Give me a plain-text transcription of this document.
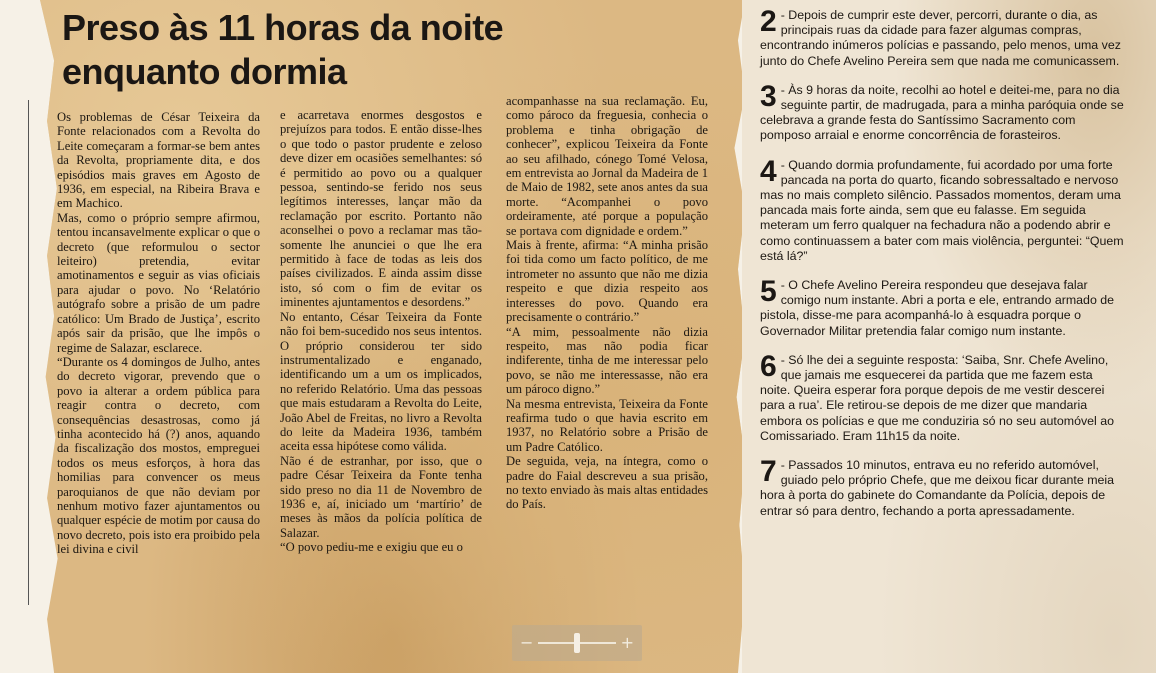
Preso às 11 horas da noite enquanto dormia

Os problemas de César Teixeira da Fonte relacionados com a Revolta do Leite começaram a formar-se bem antes da Revolta, propriamente dita, e dos episódios mais graves em Agosto de 1936, em especial, na Ribeira Brava e em Machico.

Mas, como o próprio sempre afirmou, tentou incansavelmente explicar o que o decreto (que reformulou o sector leiteiro) pretendia, evitar amotinamentos e seguir as vias oficiais para ajudar o povo. No ‘Relatório autógrafo sobre a prisão de um padre católico: Um Brado de Justiça’, escrito após sair da prisão, que lhe impôs o regime de Salazar, esclarece.

“Durante os 4 domingos de Julho, antes do decreto vigorar, prevendo que o povo ia alterar a ordem pública para reagir contra o decreto, com consequências desastrosas, como já tinha acontecido há (?) anos, aquando da fiscalização dos mostos, empreguei todos os meus esforços, à hora das homilias para convencer os meus paroquianos de que não deviam por nenhum motivo fazer ajuntamentos ou qualquer espécie de motim por causa do novo decreto, pois isto era proibido pela lei divina e civil

e acarretava enormes desgostos e prejuízos para todos. E então disse-lhes o que todo o pastor prudente e zeloso deve dizer em ocasiões semelhantes: só é permitido ao povo ou a qualquer pessoa, sentindo-se ferido nos seus legítimos interesses, lançar mão da reclamação por escrito. Portanto não aconselhei o povo a reclamar mas tão-somente lhe anunciei o que lhe era permitido à face de todas as leis dos países civilizados. E ainda assim disse isto, só com o fim de evitar os iminentes ajuntamentos e desordens.”

No entanto, César Teixeira da Fonte não foi bem-sucedido nos seus intentos. O próprio considerou ter sido instrumentalizado e enganado, identificando um a um os implicados, no referido Relatório. Uma das pessoas que mais estudaram a Revolta do Leite, João Abel de Freitas, no livro a Revolta do leite da Madeira 1936, também aceita essa hipótese como válida.

Não é de estranhar, por isso, que o padre César Teixeira da Fonte tenha sido preso no dia 11 de Novembro de 1936 e, aí, iniciado um ‘martírio’ de meses às mãos da polícia política de Salazar.

“O povo pediu-me e exigiu que eu o

acompanhasse na sua reclamação. Eu, como pároco da freguesia, conhecia o problema e tinha obrigação de conhecer”, explicou Teixeira da Fonte ao seu afilhado, cónego Tomé Velosa, em entrevista ao Jornal da Madeira de 1 de Maio de 1982, sete anos antes da sua morte. “Acompanhei o povo ordeiramente, até porque a população se portava com dignidade e ordem.”

Mais à frente, afirma: “A minha prisão foi tida como um facto político, de me intrometer no assunto que não me dizia respeito e que dizia respeito aos interesses do povo. Quando era precisamente o contrário.”

“A mim, pessoalmente não dizia respeito, mas não podia ficar indiferente, tinha de me interessar pelo povo, se não me interessasse, não era um pároco digno.”

Na mesma entrevista, Teixeira da Fonte reafirma tudo o que havia escrito em 1937, no Relatório sobre a Prisão de um Padre Católico.

De seguida, veja, na íntegra, como o padre do Faial descreveu a sua prisão, no texto enviado às mais altas entidades do País.

2 - Depois de cumprir este dever, percorri, durante o dia, as principais ruas da cidade para fazer algumas compras, encontrando inúmeros polícias e passando, pelo menos, uma vez junto do Chefe Avelino Pereira sem que nada me comunicassem.

3 - Às 9 horas da noite, recolhi ao hotel e deitei-me, para no dia seguinte partir, de madrugada, para a minha paróquia onde se celebrava a grande festa do Santíssimo Sacramento com pomposo arraial e enorme concorrência de forasteiros.

4 - Quando dormia profundamente, fui acordado por uma forte pancada na porta do quarto, ficando sobressaltado e nervoso mas no mais completo silêncio. Passados momentos, deram uma pancada mais forte ainda, sem que eu falasse. Em seguida meteram um ferro qualquer na fechadura não a podendo abrir e como continuassem a bater com mais violência, perguntei: “Quem está lá?”

5 - O Chefe Avelino Pereira respondeu que desejava falar comigo num instante. Abri a porta e ele, entrando armado de pistola, disse-me para acompanhá-lo à esquadra porque o Governador Militar pretendia falar comigo num instante.

6 - Só lhe dei a seguinte resposta: ‘Saiba, Snr. Chefe Avelino, que jamais me esquecerei da partida que me fazem esta noite. Queira esperar fora porque depois de me vestir descerei para a rua’. Ele retirou-se depois de me dizer que mandaria embora os polícias e que me conduziria só no seu automóvel ao Comissariado. Eram 11h15 da noite.

7 - Passados 10 minutos, entrava eu no referido automóvel, guiado pelo próprio Chefe, que me deixou ficar durante meia hora à porta do gabinete do Comandante da Polícia, depois de entrar só para dentro, fechando a porta apressadamente.

−	+
